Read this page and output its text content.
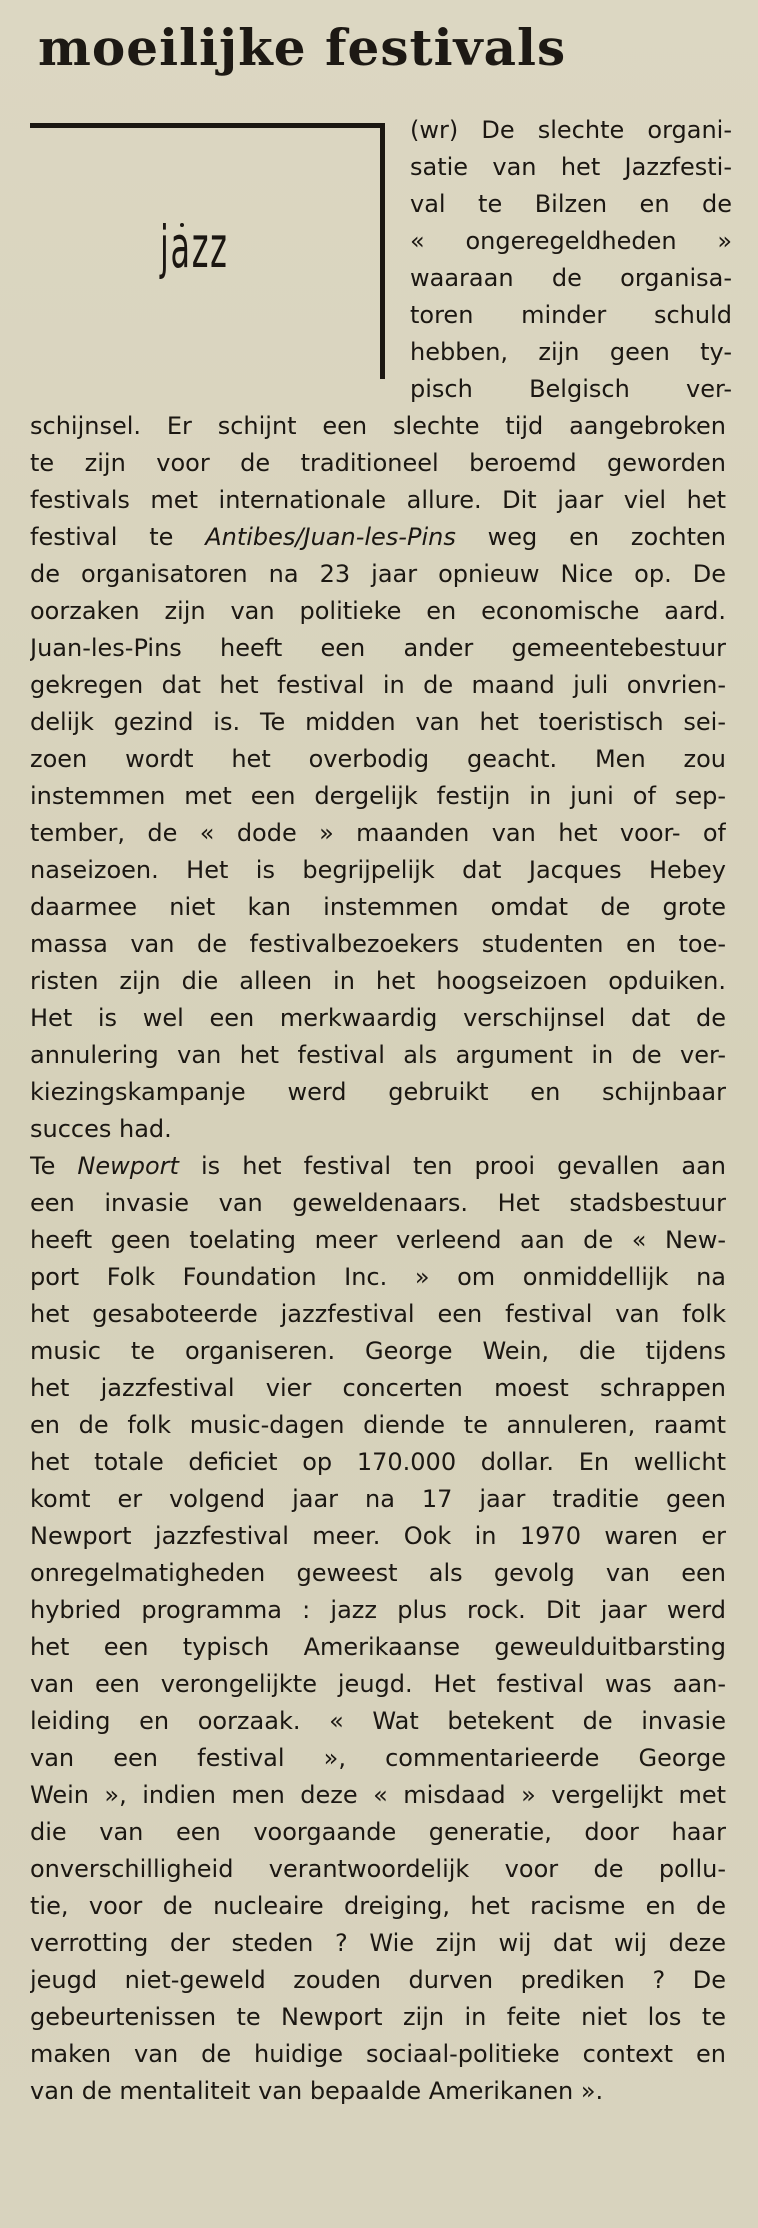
moeilijke festivals
jazz

(wr) De slechte organi-

satie van het Jazzfesti-

val te Bilzen en de

« ongeregeldheden »

waaraan de organisa-

toren minder schuld

hebben, zijn geen ty-

pisch Belgisch ver-

schijnsel. Er schijnt een slechte tijd aangebroken

te zijn voor de traditioneel beroemd geworden

festivals met internationale allure. Dit jaar viel het

festival te Antibes/Juan-les-Pins weg en zochten

de organisatoren na 23 jaar opnieuw Nice op. De

oorzaken zijn van politieke en economische aard.

Juan-les-Pins heeft een ander gemeentebestuur

gekregen dat het festival in de maand juli onvrien-

delijk gezind is. Te midden van het toeristisch sei-

zoen wordt het overbodig geacht. Men zou

instemmen met een dergelijk festijn in juni of sep-

tember, de « dode » maanden van het voor- of

naseizoen. Het is begrijpelijk dat Jacques Hebey

daarmee niet kan instemmen omdat de grote

massa van de festivalbezoekers studenten en toe-

risten zijn die alleen in het hoogseizoen opduiken.

Het is wel een merkwaardig verschijnsel dat de

annulering van het festival als argument in de ver-

kiezingskampanje werd gebruikt en schijnbaar

succes had.

Te Newport is het festival ten prooi gevallen aan

een invasie van geweldenaars. Het stadsbestuur

heeft geen toelating meer verleend aan de « New-

port Folk Foundation Inc. » om onmiddellijk na

het gesaboteerde jazzfestival een festival van folk

music te organiseren. George Wein, die tijdens

het jazzfestival vier concerten moest schrappen

en de folk music-dagen diende te annuleren, raamt

het totale deficiet op 170.000 dollar. En wellicht

komt er volgend jaar na 17 jaar traditie geen

Newport jazzfestival meer. Ook in 1970 waren er

onregelmatigheden geweest als gevolg van een

hybried programma : jazz plus rock. Dit jaar werd

het een typisch Amerikaanse geweulduitbarsting

van een verongelijkte jeugd. Het festival was aan-

leiding en oorzaak. « Wat betekent de invasie

van een festival », commentarieerde George

Wein », indien men deze « misdaad » vergelijkt met

die van een voorgaande generatie, door haar

onverschilligheid verantwoordelijk voor de pollu-

tie, voor de nucleaire dreiging, het racisme en de

verrotting der steden ? Wie zijn wij dat wij deze

jeugd niet-geweld zouden durven prediken ? De

gebeurtenissen te Newport zijn in feite niet los te

maken van de huidige sociaal-politieke context en

van de mentaliteit van bepaalde Amerikanen ».
